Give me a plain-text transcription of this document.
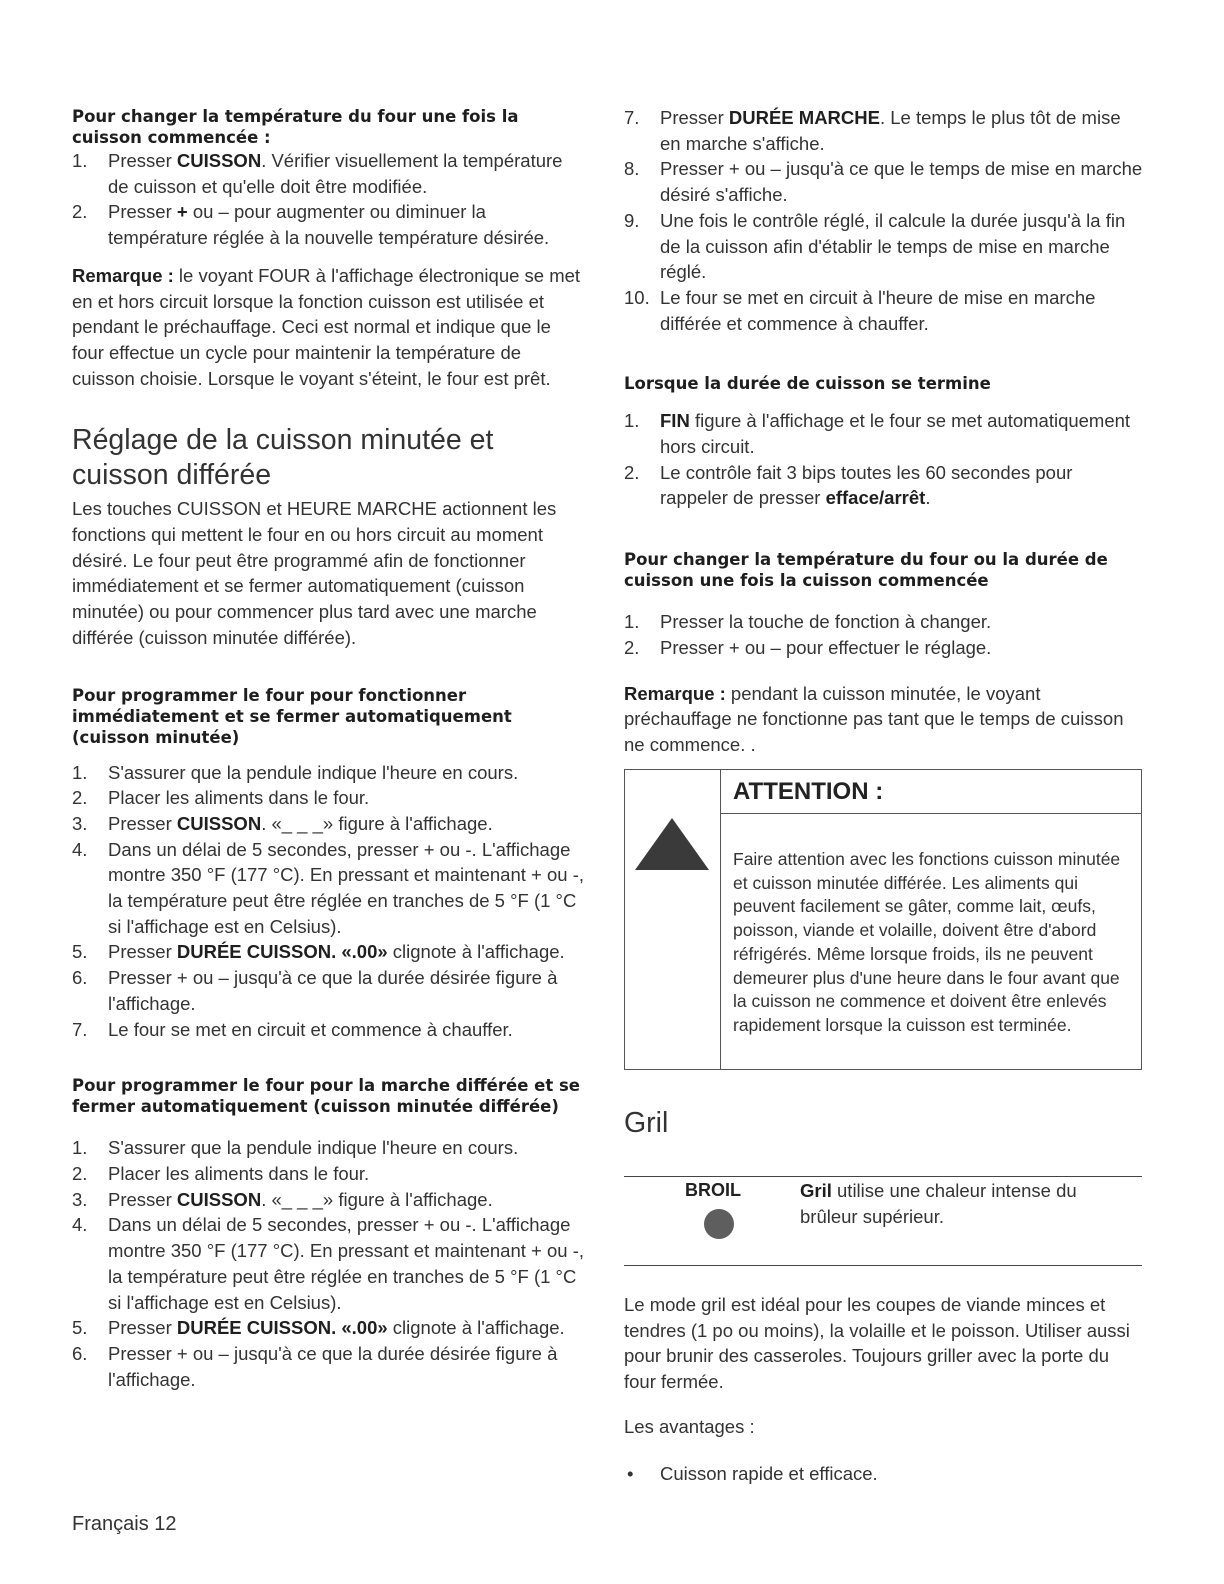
Pour changer la température du four une fois la cuisson commencée :
1. Presser CUISSON. Vérifier visuellement la température de cuisson et qu'elle doit être modifiée.
2. Presser + ou – pour augmenter ou diminuer la température réglée à la nouvelle température désirée.

Remarque : le voyant FOUR à l'affichage électronique se met en et hors circuit lorsque la fonction cuisson est utilisée et pendant le préchauffage. Ceci est normal et indique que le four effectue un cycle pour maintenir la température de cuisson choisie. Lorsque le voyant s'éteint, le four est prêt.

Réglage de la cuisson minutée et cuisson différée

Les touches CUISSON et HEURE MARCHE actionnent les fonctions qui mettent le four en ou hors circuit au moment désiré. Le four peut être programmé afin de fonctionner immédiatement et se fermer automatiquement (cuisson minutée) ou pour commencer plus tard avec une marche différée (cuisson minutée différée).

Pour programmer le four pour fonctionner immédiatement et se fermer automatiquement (cuisson minutée)
1. S'assurer que la pendule indique l'heure en cours.
2. Placer les aliments dans le four.
3. Presser CUISSON. «_ _ _» figure à l'affichage.
4. Dans un délai de 5 secondes, presser + ou -. L'affichage montre 350 °F (177 °C). En pressant et maintenant + ou -, la température peut être réglée en tranches de 5 °F (1 °C si l'affichage est en Celsius).
5. Presser DURÉE CUISSON. «.00» clignote à l'affichage.
6. Presser + ou – jusqu'à ce que la durée désirée figure à l'affichage.
7. Le four se met en circuit et commence à chauffer.
Pour programmer le four pour la marche différée et se fermer automatiquement (cuisson minutée différée)
1. S'assurer que la pendule indique l'heure en cours.
2. Placer les aliments dans le four.
3. Presser CUISSON. «_ _ _» figure à l'affichage.
4. Dans un délai de 5 secondes, presser + ou -. L'affichage montre 350 °F (177 °C). En pressant et maintenant + ou -, la température peut être réglée en tranches de 5 °F (1 °C si l'affichage est en Celsius).
5. Presser DURÉE CUISSON. «.00» clignote à l'affichage.
6. Presser + ou – jusqu'à ce que la durée désirée figure à l'affichage.
7. Presser DURÉE MARCHE. Le temps le plus tôt de mise en marche s'affiche.
8. Presser + ou – jusqu'à ce que le temps de mise en marche désiré s'affiche.
9. Une fois le contrôle réglé, il calcule la durée jusqu'à la fin de la cuisson afin d'établir le temps de mise en marche réglé.
10. Le four se met en circuit à l'heure de mise en marche différée et commence à chauffer.
Lorsque la durée de cuisson se termine
1. FIN figure à l'affichage et le four se met automatiquement hors circuit.
2. Le contrôle fait 3 bips toutes les 60 secondes pour rappeler de presser efface/arrêt.
Pour changer la température du four ou la durée de cuisson une fois la cuisson commencée
1. Presser la touche de fonction à changer.
2. Presser + ou – pour effectuer le réglage.

Remarque : pendant la cuisson minutée, le voyant préchauffage ne fonctionne pas tant que le temps de cuisson ne commence. .

ATTENTION :
Faire attention avec les fonctions cuisson minutée et cuisson minutée différée. Les aliments qui peuvent facilement se gâter, comme lait, œufs, poisson, viande et volaille, doivent être d'abord réfrigérés. Même lorsque froids, ils ne peuvent demeurer plus d'une heure dans le four avant que la cuisson ne commence et doivent être enlevés rapidement lorsque la cuisson est terminée.
Gril
BROIL	Gril utilise une chaleur intense du brûleur supérieur.

Le mode gril est idéal pour les coupes de viande minces et tendres (1 po ou moins), la volaille et le poisson. Utiliser aussi pour brunir des casseroles. Toujours griller avec la porte du four fermée.

Les avantages :

• Cuisson rapide et efficace.
Français 12
